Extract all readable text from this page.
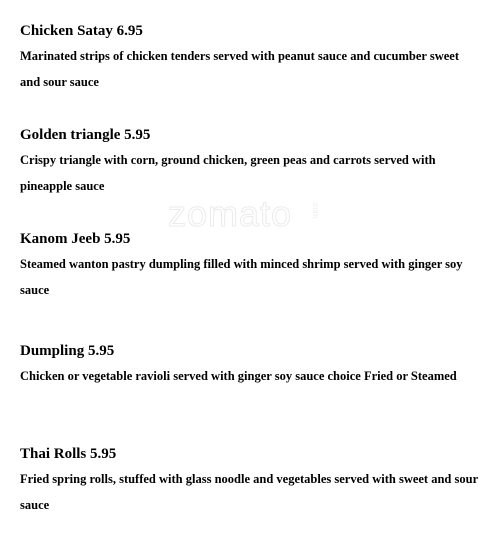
zomato .com

Chicken Satay 6.95

Marinated strips of chicken tenders served with peanut sauce and cucumber sweet and sour sauce

Golden triangle 5.95

Crispy triangle with corn, ground chicken, green peas and carrots served with pineapple sauce

Kanom Jeeb 5.95

Steamed wanton pastry dumpling filled with minced shrimp served with ginger soy sauce

Dumpling 5.95

Chicken or vegetable ravioli served with ginger soy sauce choice Fried or Steamed

Thai Rolls 5.95

Fried spring rolls, stuffed with glass noodle and vegetables served with sweet and sour sauce
